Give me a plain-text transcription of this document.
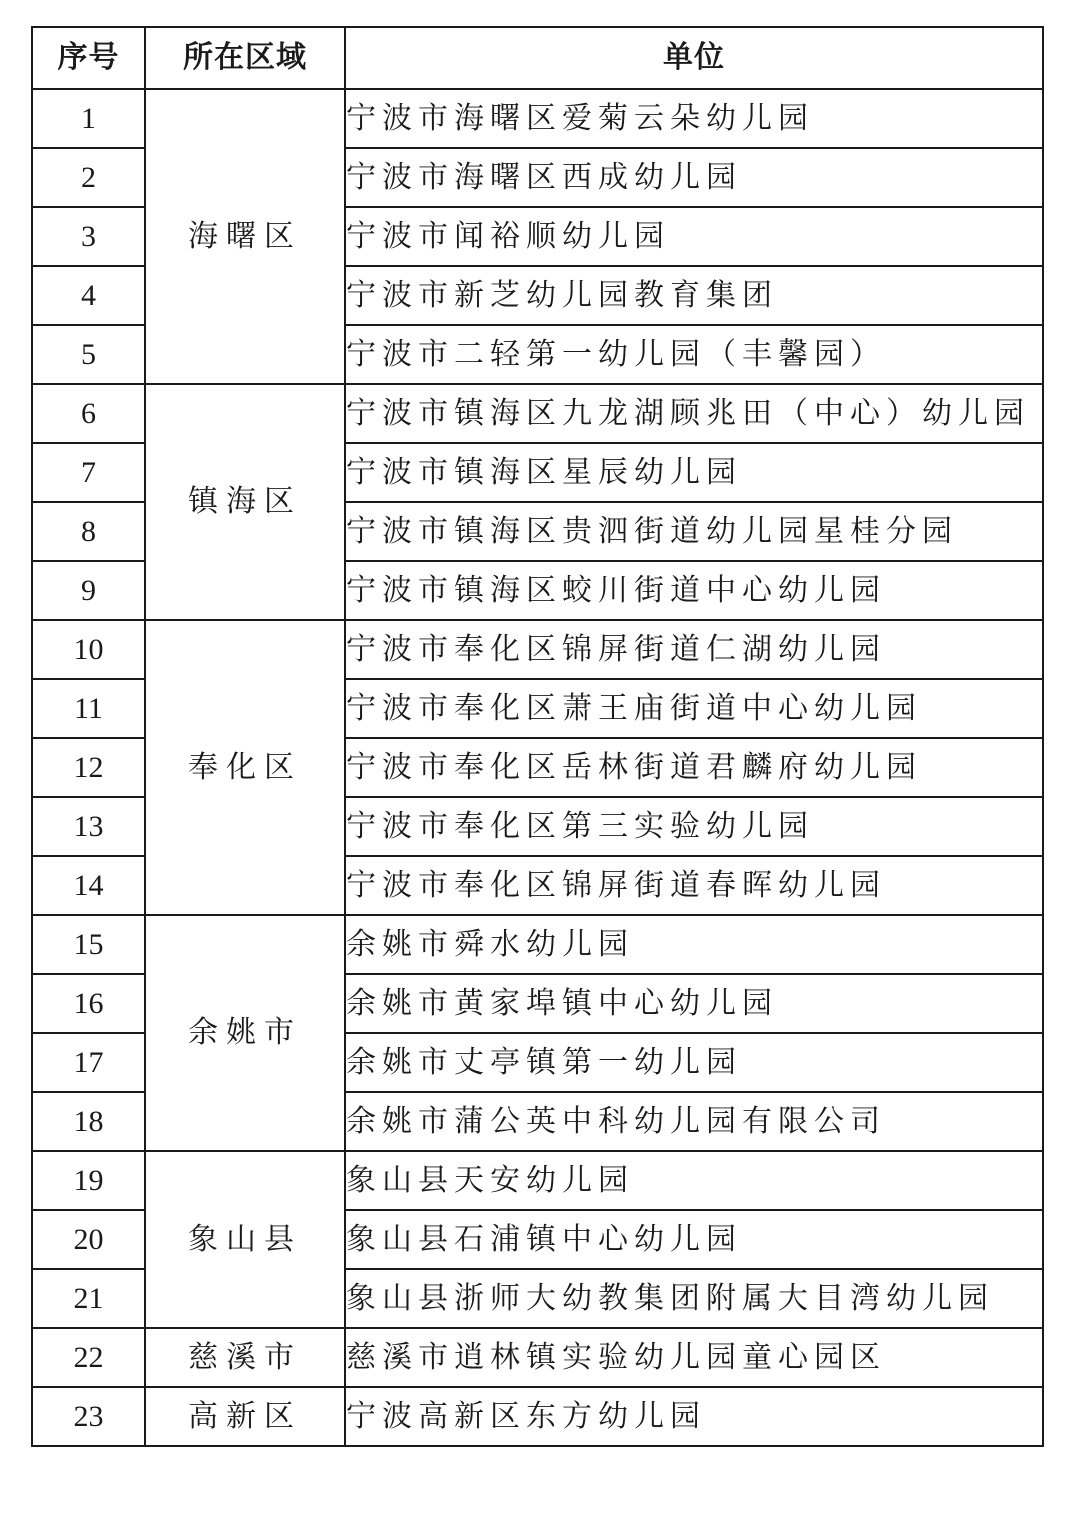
序号	所在区域	单位
1	海曙区	宁波市海曙区爱菊云朵幼儿园
2		宁波市海曙区西成幼儿园
3		宁波市闻裕顺幼儿园
4		宁波市新芝幼儿园教育集团
5		宁波市二轻第一幼儿园（丰馨园）
6	镇海区	宁波市镇海区九龙湖顾兆田（中心）幼儿园
7		宁波市镇海区星辰幼儿园
8		宁波市镇海区贵泗街道幼儿园星桂分园
9		宁波市镇海区蛟川街道中心幼儿园
10	奉化区	宁波市奉化区锦屏街道仁湖幼儿园
11		宁波市奉化区萧王庙街道中心幼儿园
12		宁波市奉化区岳林街道君麟府幼儿园
13		宁波市奉化区第三实验幼儿园
14		宁波市奉化区锦屏街道春晖幼儿园
15	余姚市	余姚市舜水幼儿园
16		余姚市黄家埠镇中心幼儿园
17		余姚市丈亭镇第一幼儿园
18		余姚市蒲公英中科幼儿园有限公司
19	象山县	象山县天安幼儿园
20		象山县石浦镇中心幼儿园
21		象山县浙师大幼教集团附属大目湾幼儿园
22	慈溪市	慈溪市逍林镇实验幼儿园童心园区
23	高新区	宁波高新区东方幼儿园
